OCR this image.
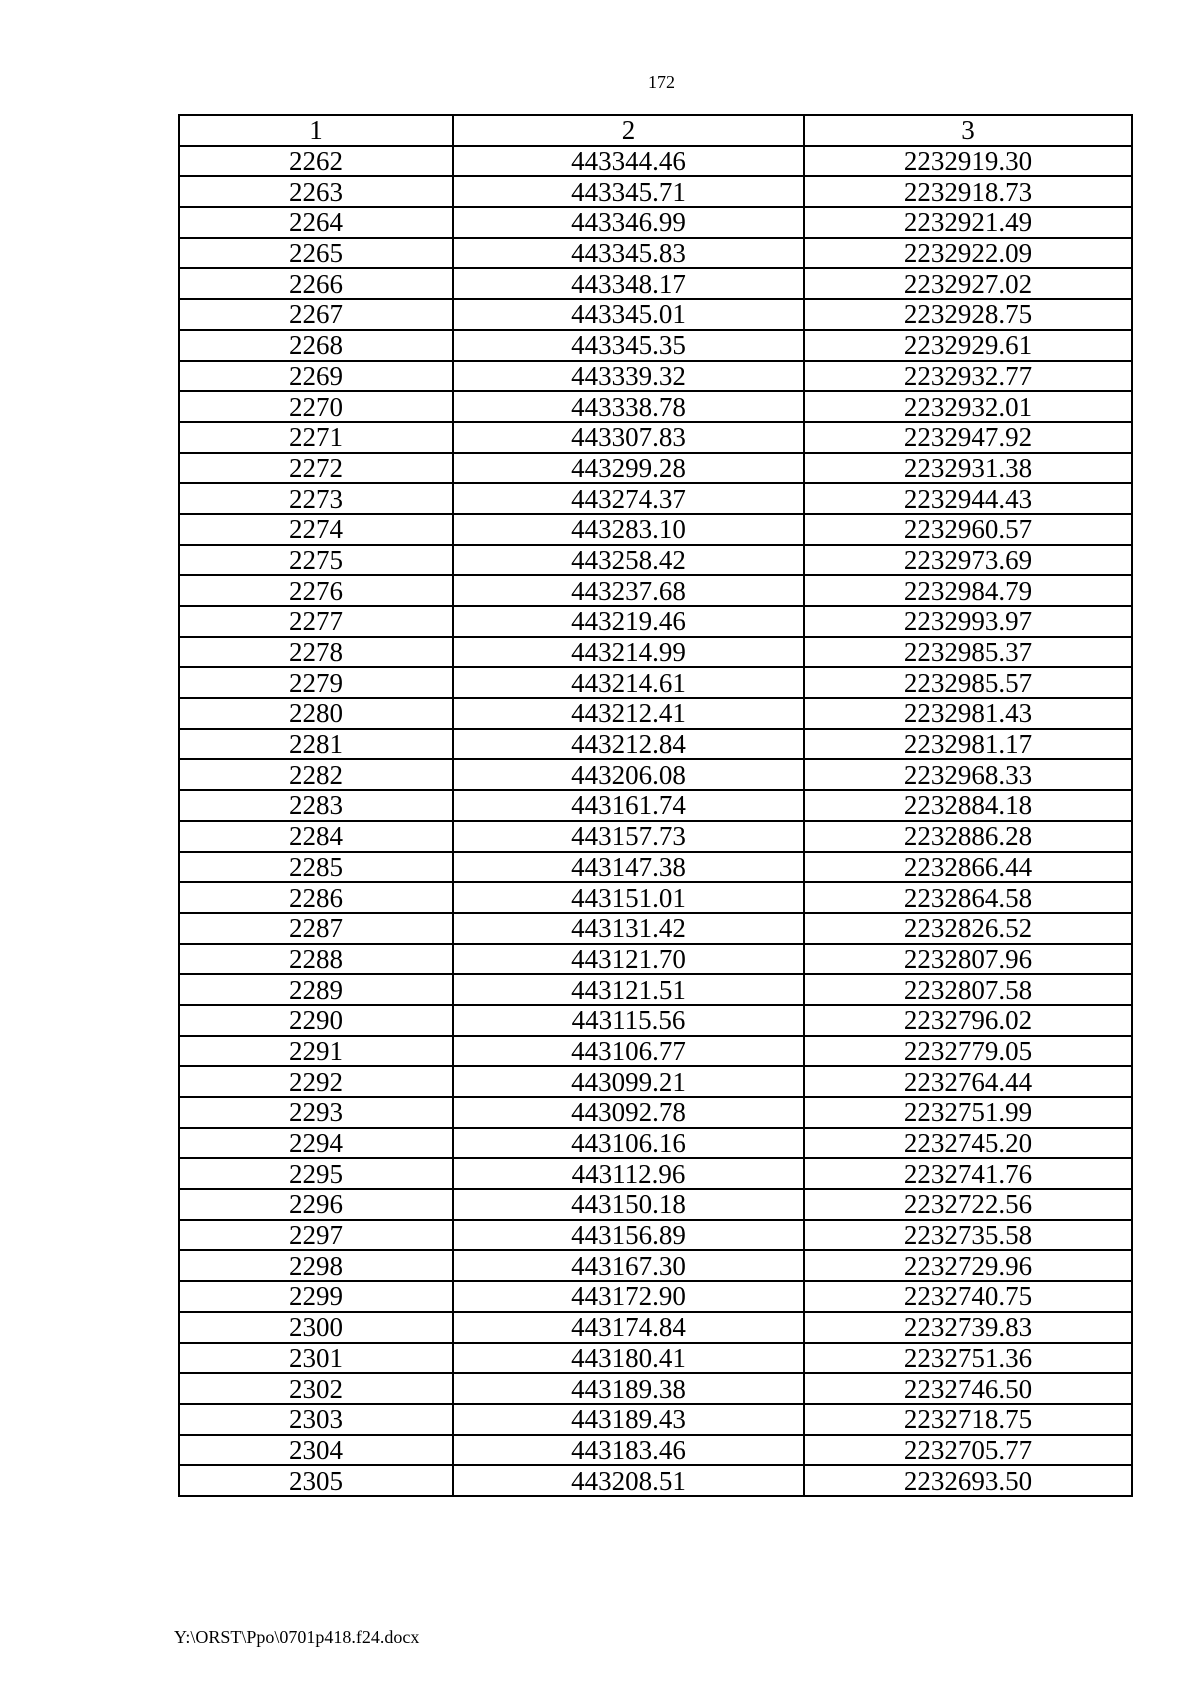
172
1	2	3
2262	443344.46	2232919.30
2263	443345.71	2232918.73
2264	443346.99	2232921.49
2265	443345.83	2232922.09
2266	443348.17	2232927.02
2267	443345.01	2232928.75
2268	443345.35	2232929.61
2269	443339.32	2232932.77
2270	443338.78	2232932.01
2271	443307.83	2232947.92
2272	443299.28	2232931.38
2273	443274.37	2232944.43
2274	443283.10	2232960.57
2275	443258.42	2232973.69
2276	443237.68	2232984.79
2277	443219.46	2232993.97
2278	443214.99	2232985.37
2279	443214.61	2232985.57
2280	443212.41	2232981.43
2281	443212.84	2232981.17
2282	443206.08	2232968.33
2283	443161.74	2232884.18
2284	443157.73	2232886.28
2285	443147.38	2232866.44
2286	443151.01	2232864.58
2287	443131.42	2232826.52
2288	443121.70	2232807.96
2289	443121.51	2232807.58
2290	443115.56	2232796.02
2291	443106.77	2232779.05
2292	443099.21	2232764.44
2293	443092.78	2232751.99
2294	443106.16	2232745.20
2295	443112.96	2232741.76
2296	443150.18	2232722.56
2297	443156.89	2232735.58
2298	443167.30	2232729.96
2299	443172.90	2232740.75
2300	443174.84	2232739.83
2301	443180.41	2232751.36
2302	443189.38	2232746.50
2303	443189.43	2232718.75
2304	443183.46	2232705.77
2305	443208.51	2232693.50
Y:\ORST\Ppo\0701p418.f24.docx
